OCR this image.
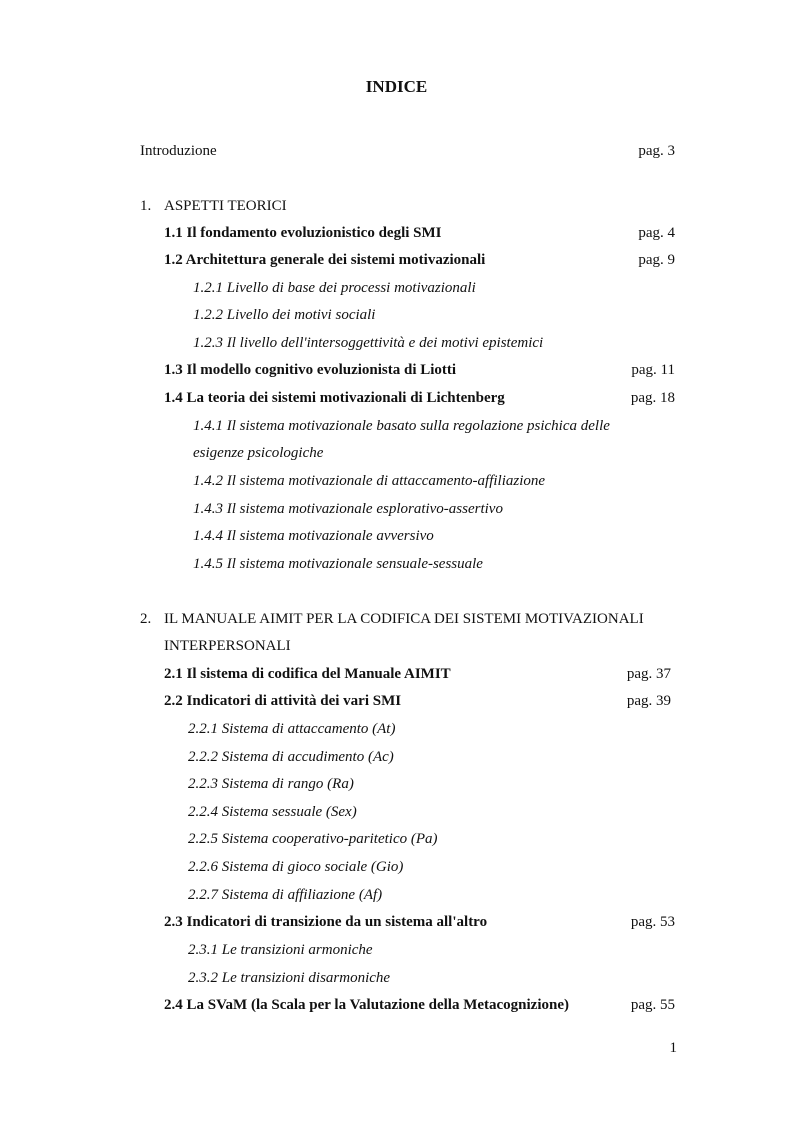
INDICE
Introduzione	pag. 3
1. ASPETTI TEORICI
1.1 Il fondamento evoluzionistico degli SMI	pag. 4
1.2 Architettura generale dei sistemi motivazionali	pag. 9
1.2.1 Livello di base dei processi motivazionali
1.2.2 Livello dei motivi sociali
1.2.3 Il livello dell'intersoggettività e dei motivi epistemici
1.3 Il modello cognitivo evoluzionista di Liotti	pag. 11
1.4 La teoria dei sistemi motivazionali di Lichtenberg	pag. 18
1.4.1 Il sistema motivazionale basato sulla regolazione psichica delle
esigenze psicologiche
1.4.2 Il sistema motivazionale di attaccamento-affiliazione
1.4.3 Il sistema motivazionale esplorativo-assertivo
1.4.4 Il sistema motivazionale avversivo
1.4.5 Il sistema motivazionale sensuale-sessuale
2. IL MANUALE AIMIT PER LA CODIFICA DEI SISTEMI MOTIVAZIONALI
INTERPERSONALI
2.1 Il sistema di codifica del Manuale AIMIT	pag. 37
2.2 Indicatori di attività dei vari SMI	pag. 39
2.2.1 Sistema di attaccamento (At)
2.2.2 Sistema di accudimento (Ac)
2.2.3 Sistema di rango (Ra)
2.2.4 Sistema sessuale (Sex)
2.2.5 Sistema cooperativo-paritetico (Pa)
2.2.6 Sistema di gioco sociale (Gio)
2.2.7 Sistema di affiliazione (Af)
2.3 Indicatori di transizione da un sistema all'altro	pag. 53
2.3.1 Le transizioni armoniche
2.3.2 Le transizioni disarmoniche
2.4 La SVaM (la Scala per la Valutazione della Metacognizione)	pag. 55
1
